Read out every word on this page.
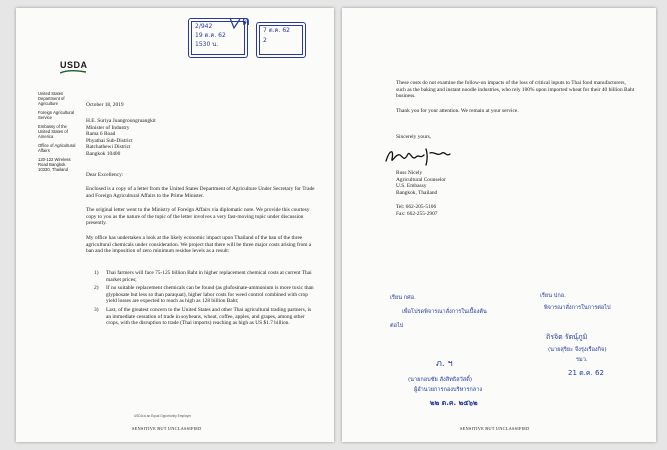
2/942
19 ต.ค. 62
1530 น.
7 ต.ค. 62
2
ด
USDA
United States Department of Agriculture
Foreign Agricultural Service
Embassy of the United States of America
Office of Agricultural Affairs
120-122 Wireless Road Bangkok 10330, Thailand
October 18, 2019
H.E. Suriya Juangroongruangkit
Minister of Industry
Rama 6 Road
Phyathai Sub-District
Ratchathewi District
Bangkok 10400
Dear Excellency:
Enclosed is a copy of a letter from the United States Department of Agriculture Under Secretary for Trade and Foreign Agricultural Affairs to the Prime Minister.
The original letter went to the Ministry of Foreign Affairs via diplomatic note. We provide this courtesy copy to you as the nature of the topic of the letter involves a very fast-moving topic under discussion presently.
My office has undertaken a look at the likely economic impact upon Thailand of the ban of the three agricultural chemicals under consideration. We project that there will be three major costs arising from a ban and the imposition of zero minimum residue levels as a result:
1) Thai farmers will face 75-125 billion Baht in higher replacement chemical costs at current Thai market prices;
2) If no suitable replacement chemicals can be found (as glufosinate-ammonium is more toxic than glyphosate but less so than paraquat), higher labor costs for weed control combined with crop yield losses are expected to reach as high as 128 billion Baht;
3) Last, of the greatest concern to the United States and other Thai agricultural trading partners, is an immediate cessation of trade in soybeans, wheat, coffee, apples, and grapes, among other crops, with the disruption to trade (Thai imports) reaching as high as US $1.7 billion.
USDA is an Equal Opportunity Employer
SENSITIVE BUT UNCLASSIFIED
These costs do not examine the follow-on impacts of the loss of critical inputs to Thai food manufacturers, such as the baking and instant noodle industries, who rely 100% upon imported wheat for their 40 billion Baht business.
Thank you for your attention. We remain at your service.
Sincerely yours,
Russ Nicely
Agricultural Counselor
U.S. Embassy
Bangkok, Thailand
Tel: 662-205-5106
Fax: 662-255-2907
เรียน กศอ.
เพื่อโปรดพิจารณาสั่งการในเบื้องต้น
ต่อไป
ภ. ฯ
(นายกอบชัย สังสิทธิสวัสดิ์)
ผู้อำนวยการกองบริหารกลาง
๒๒ ต.ค. ๒๕๖๒
เรียน ปกอ.
พิจารณาสั่งการในการต่อไป
ถิรจิต รัตนุ์ภูมิ
(นายสุริยะ จึงรุ่งเรืองกิจ)
รมว.
21 ต.ค. 62
SENSITIVE BUT UNCLASSIFIED
